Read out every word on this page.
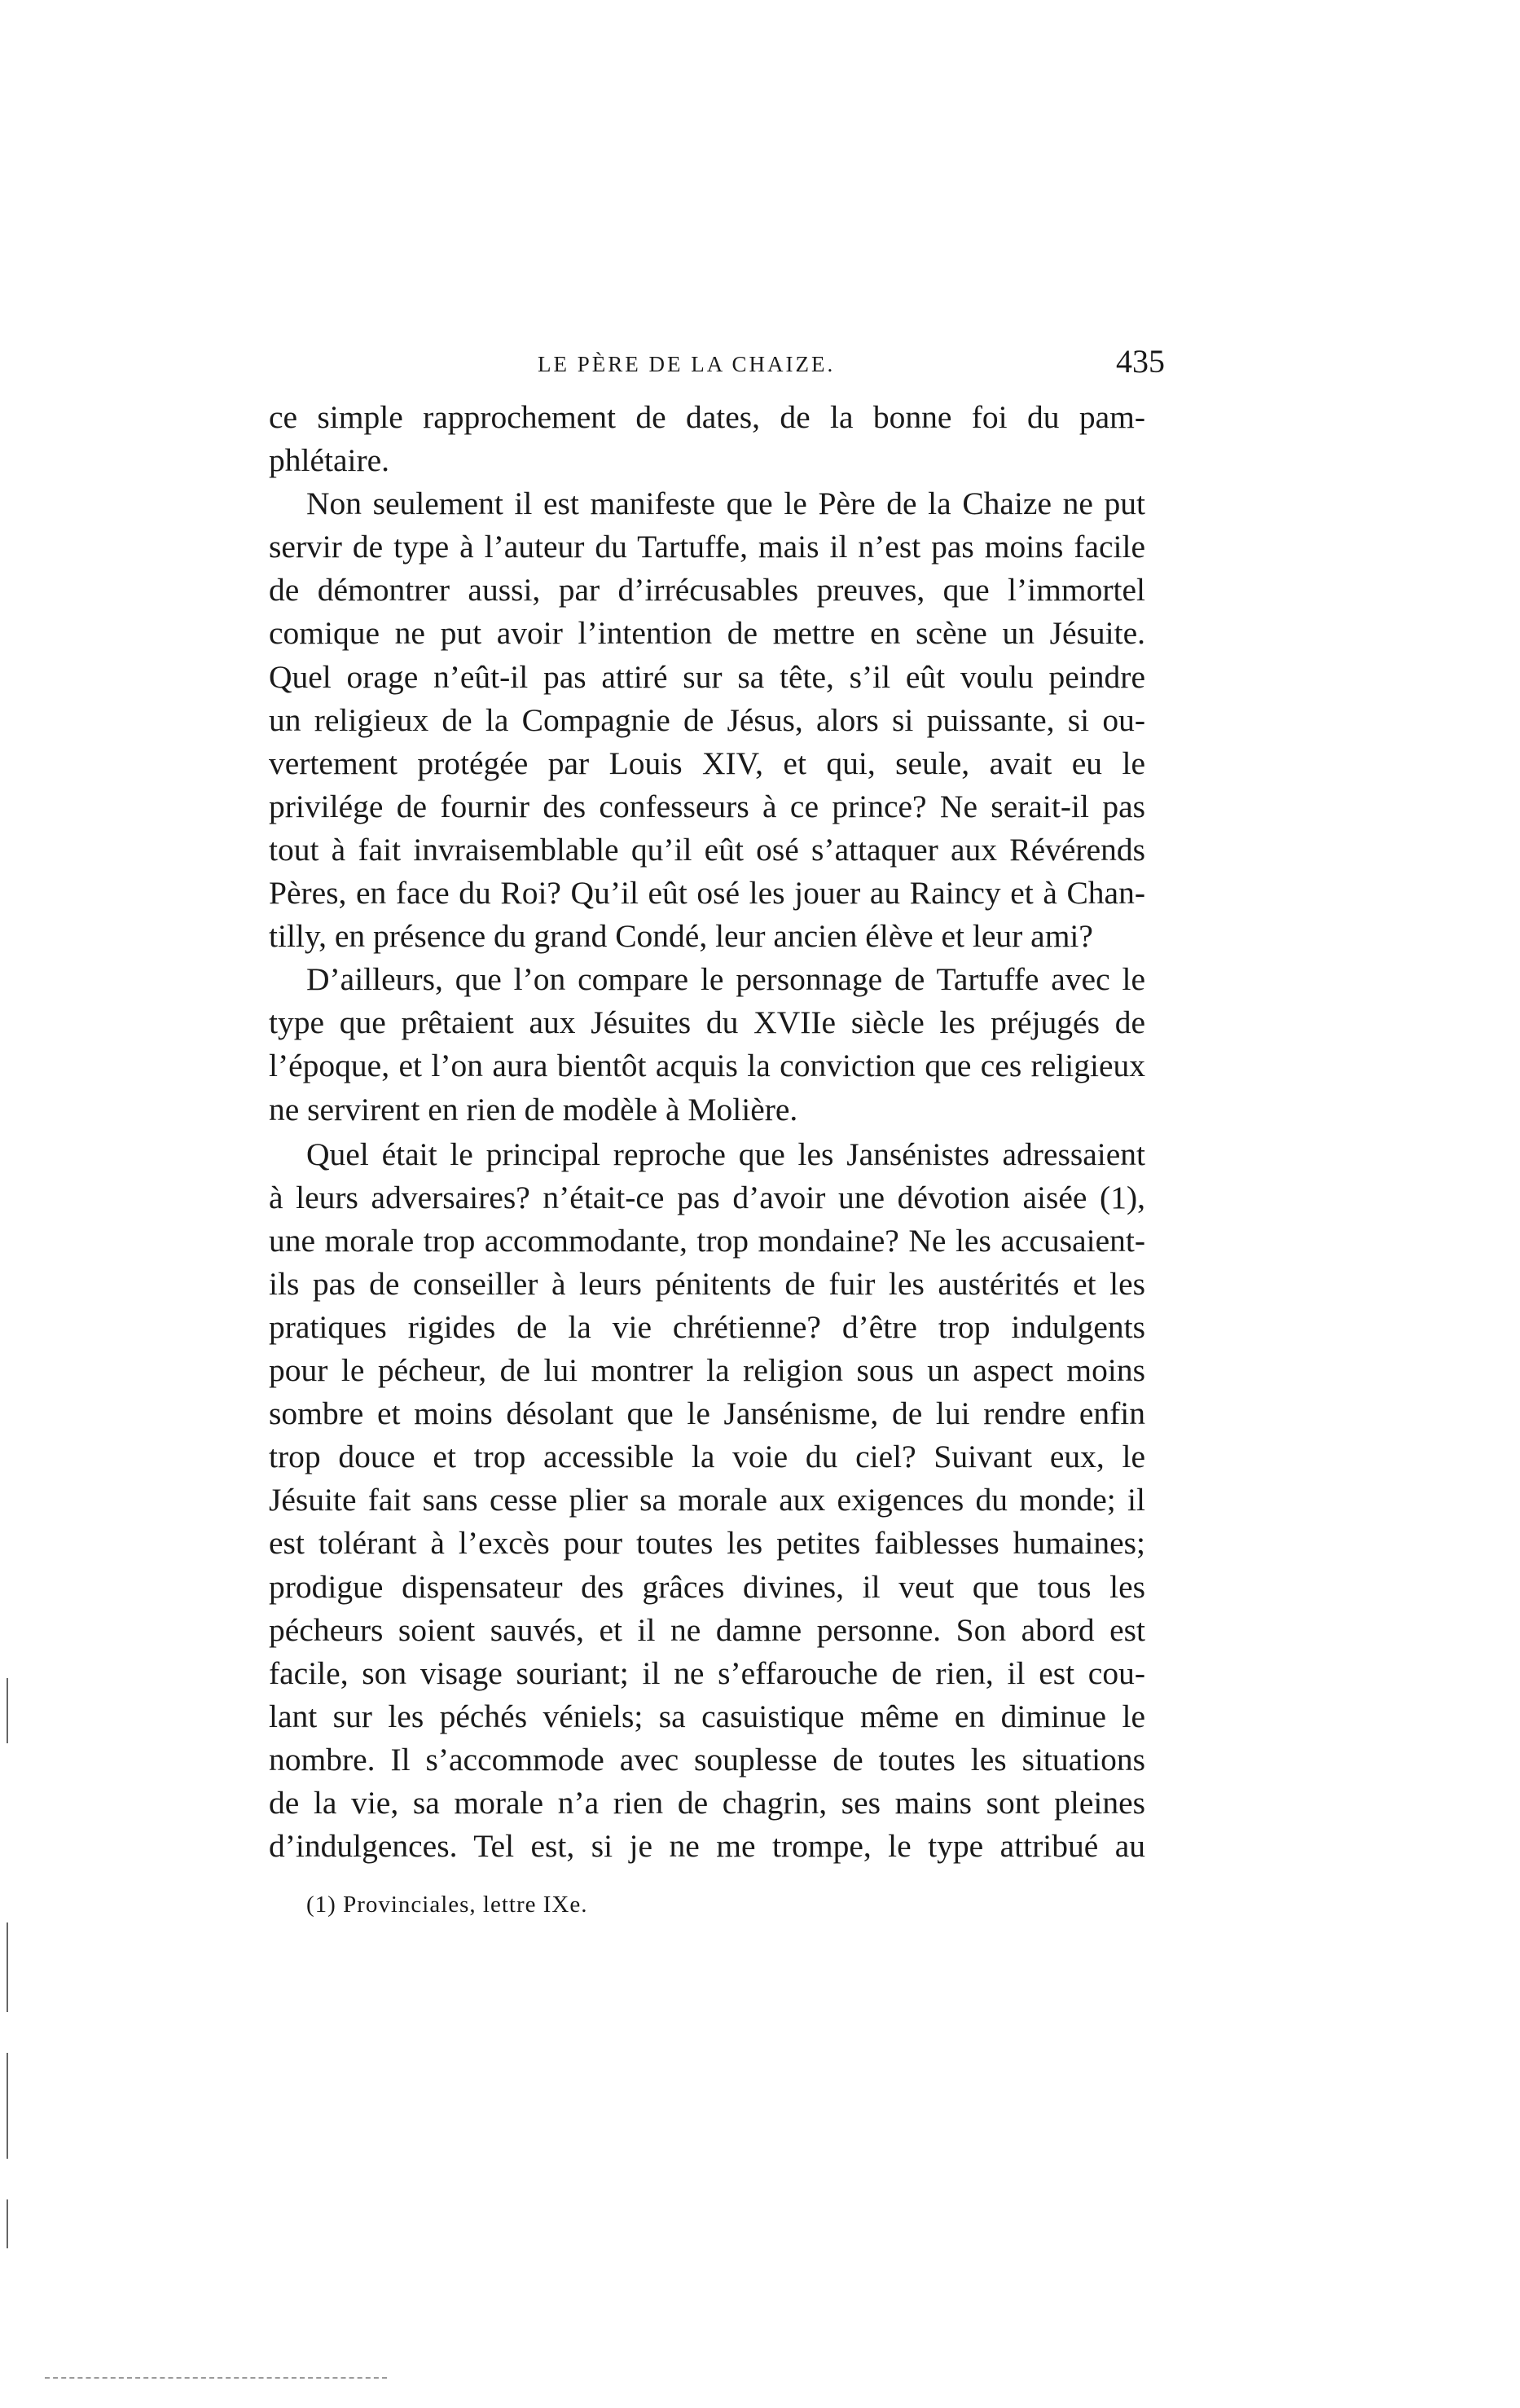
LE PÈRE DE LA CHAIZE.	435
ce simple rapprochement de dates, de la bonne foi du pam-
phlétaire.
Non seulement il est manifeste que le Père de la Chaize ne put
servir de type à l’auteur du Tartuffe, mais il n’est pas moins facile
de démontrer aussi, par d’irrécusables preuves, que l’immortel
comique ne put avoir l’intention de mettre en scène un Jésuite.
Quel orage n’eût-il pas attiré sur sa tête, s’il eût voulu peindre
un religieux de la Compagnie de Jésus, alors si puissante, si ou-
vertement protégée par Louis XIV, et qui, seule, avait eu le
privilége de fournir des confesseurs à ce prince? Ne serait-il pas
tout à fait invraisemblable qu’il eût osé s’attaquer aux Révérends
Pères, en face du Roi? Qu’il eût osé les jouer au Raincy et à Chan-
tilly, en présence du grand Condé, leur ancien élève et leur ami?
D’ailleurs, que l’on compare le personnage de Tartuffe avec le
type que prêtaient aux Jésuites du XVIIe siècle les préjugés de
l’époque, et l’on aura bientôt acquis la conviction que ces religieux
ne servirent en rien de modèle à Molière.
Quel était le principal reproche que les Jansénistes adressaient
à leurs adversaires? n’était-ce pas d’avoir une dévotion aisée (1),
une morale trop accommodante, trop mondaine? Ne les accusaient-
ils pas de conseiller à leurs pénitents de fuir les austérités et les
pratiques rigides de la vie chrétienne? d’être trop indulgents
pour le pécheur, de lui montrer la religion sous un aspect moins
sombre et moins désolant que le Jansénisme, de lui rendre enfin
trop douce et trop accessible la voie du ciel? Suivant eux, le
Jésuite fait sans cesse plier sa morale aux exigences du monde; il
est tolérant à l’excès pour toutes les petites faiblesses humaines;
prodigue dispensateur des grâces divines, il veut que tous les
pécheurs soient sauvés, et il ne damne personne. Son abord est
facile, son visage souriant; il ne s’effarouche de rien, il est cou-
lant sur les péchés véniels; sa casuistique même en diminue le
nombre. Il s’accommode avec souplesse de toutes les situations
de la vie, sa morale n’a rien de chagrin, ses mains sont pleines
d’indulgences. Tel est, si je ne me trompe, le type attribué au
(1) Provinciales, lettre IXe.
